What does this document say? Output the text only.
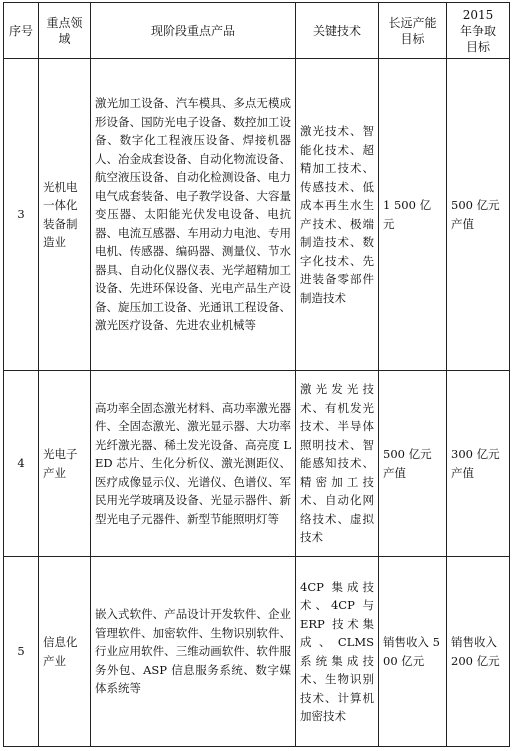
序号	重点领域	现阶段重点产品	关键技术	长远产能目标	2015 年争取目标
3	光机电一体化装备制造业	激光加工设备、汽车模具、多点无模成形设备、国防光电子设备、数控加工设备、数字化工程液压设备、焊接机器人、冶金成套设备、自动化物流设备、航空液压设备、自动化检测设备、电力电气成套装备、电子教学设备、大容量变压器、太阳能光伏发电设备、电抗器、电流互感器、车用动力电池、专用电机、传感器、编码器、测量仪、节水器具、自动化仪器仪表、光学超精加工设备、先进环保设备、光电产品生产设备、旋压加工设备、光通讯工程设备、激光医疗设备、先进农业机械等	激光技术、智能化技术、超精加工技术、传感技术、低成本再生水生产技术、极端制造技术、数字化技术、先进装备零部件制造技术	1 500 亿元	500 亿元产值
4	光电子产业	高功率全固态激光材料、高功率激光器件、全固态激光、激光显示器、大功率光纤激光器、稀土发光设备、高亮度 LED 芯片、生化分析仪、激光测距仪、医疗成像显示仪、光谱仪、色谱仪、军民用光学玻璃及设备、光显示器件、新型光电子元器件、新型节能照明灯等	激光发光技术、有机发光技术、半导体照明技术、智能感知技术、精密加工技术、自动化网络技术、虚拟技术	500 亿元产值	300 亿元产值
5	信息化产业	嵌入式软件、产品设计开发软件、企业管理软件、加密软件、生物识别软件、行业应用软件、三维动画软件、软件服务外包、ASP 信息服务系统、数字媒体系统等	4CP 集成技术、4CP 与 ERP 技术集成、CLMS 系统集成技术、生物识别技术、计算机加密技术	销售收入 500 亿元	销售收入 200 亿元
